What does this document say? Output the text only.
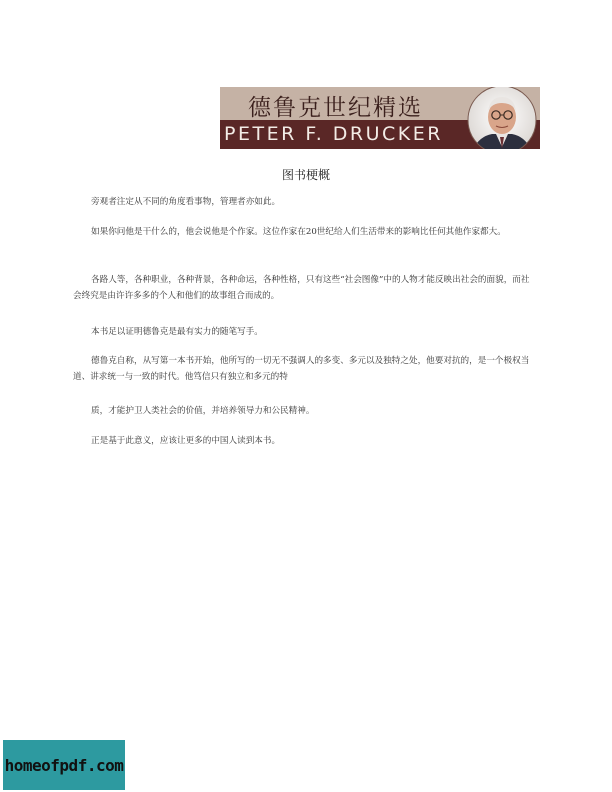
德鲁克世纪精选
PETER F. DRUCKER
图书梗概

旁观者注定从不同的角度看事物，管理者亦如此。

如果你问他是干什么的，他会说他是个作家。这位作家在20世纪给人们生活带来的影响比任何其他作家都大。

各路人等，各种职业，各种背景，各种命运，各种性格，只有这些“社会图像”中的人物才能反映出社会的面貌，而社会终究是由许许多多的个人和他们的故事组合而成的。

本书足以证明德鲁克是最有实力的随笔写手。

德鲁克自称，从写第一本书开始，他所写的一切无不强调人的多变、多元以及独特之处，他要对抗的，是一个极权当道、讲求统一与一致的时代。他笃信只有独立和多元的特

质，才能护卫人类社会的价值，并培养领导力和公民精神。

正是基于此意义，应该让更多的中国人读到本书。

homeofpdf.com
